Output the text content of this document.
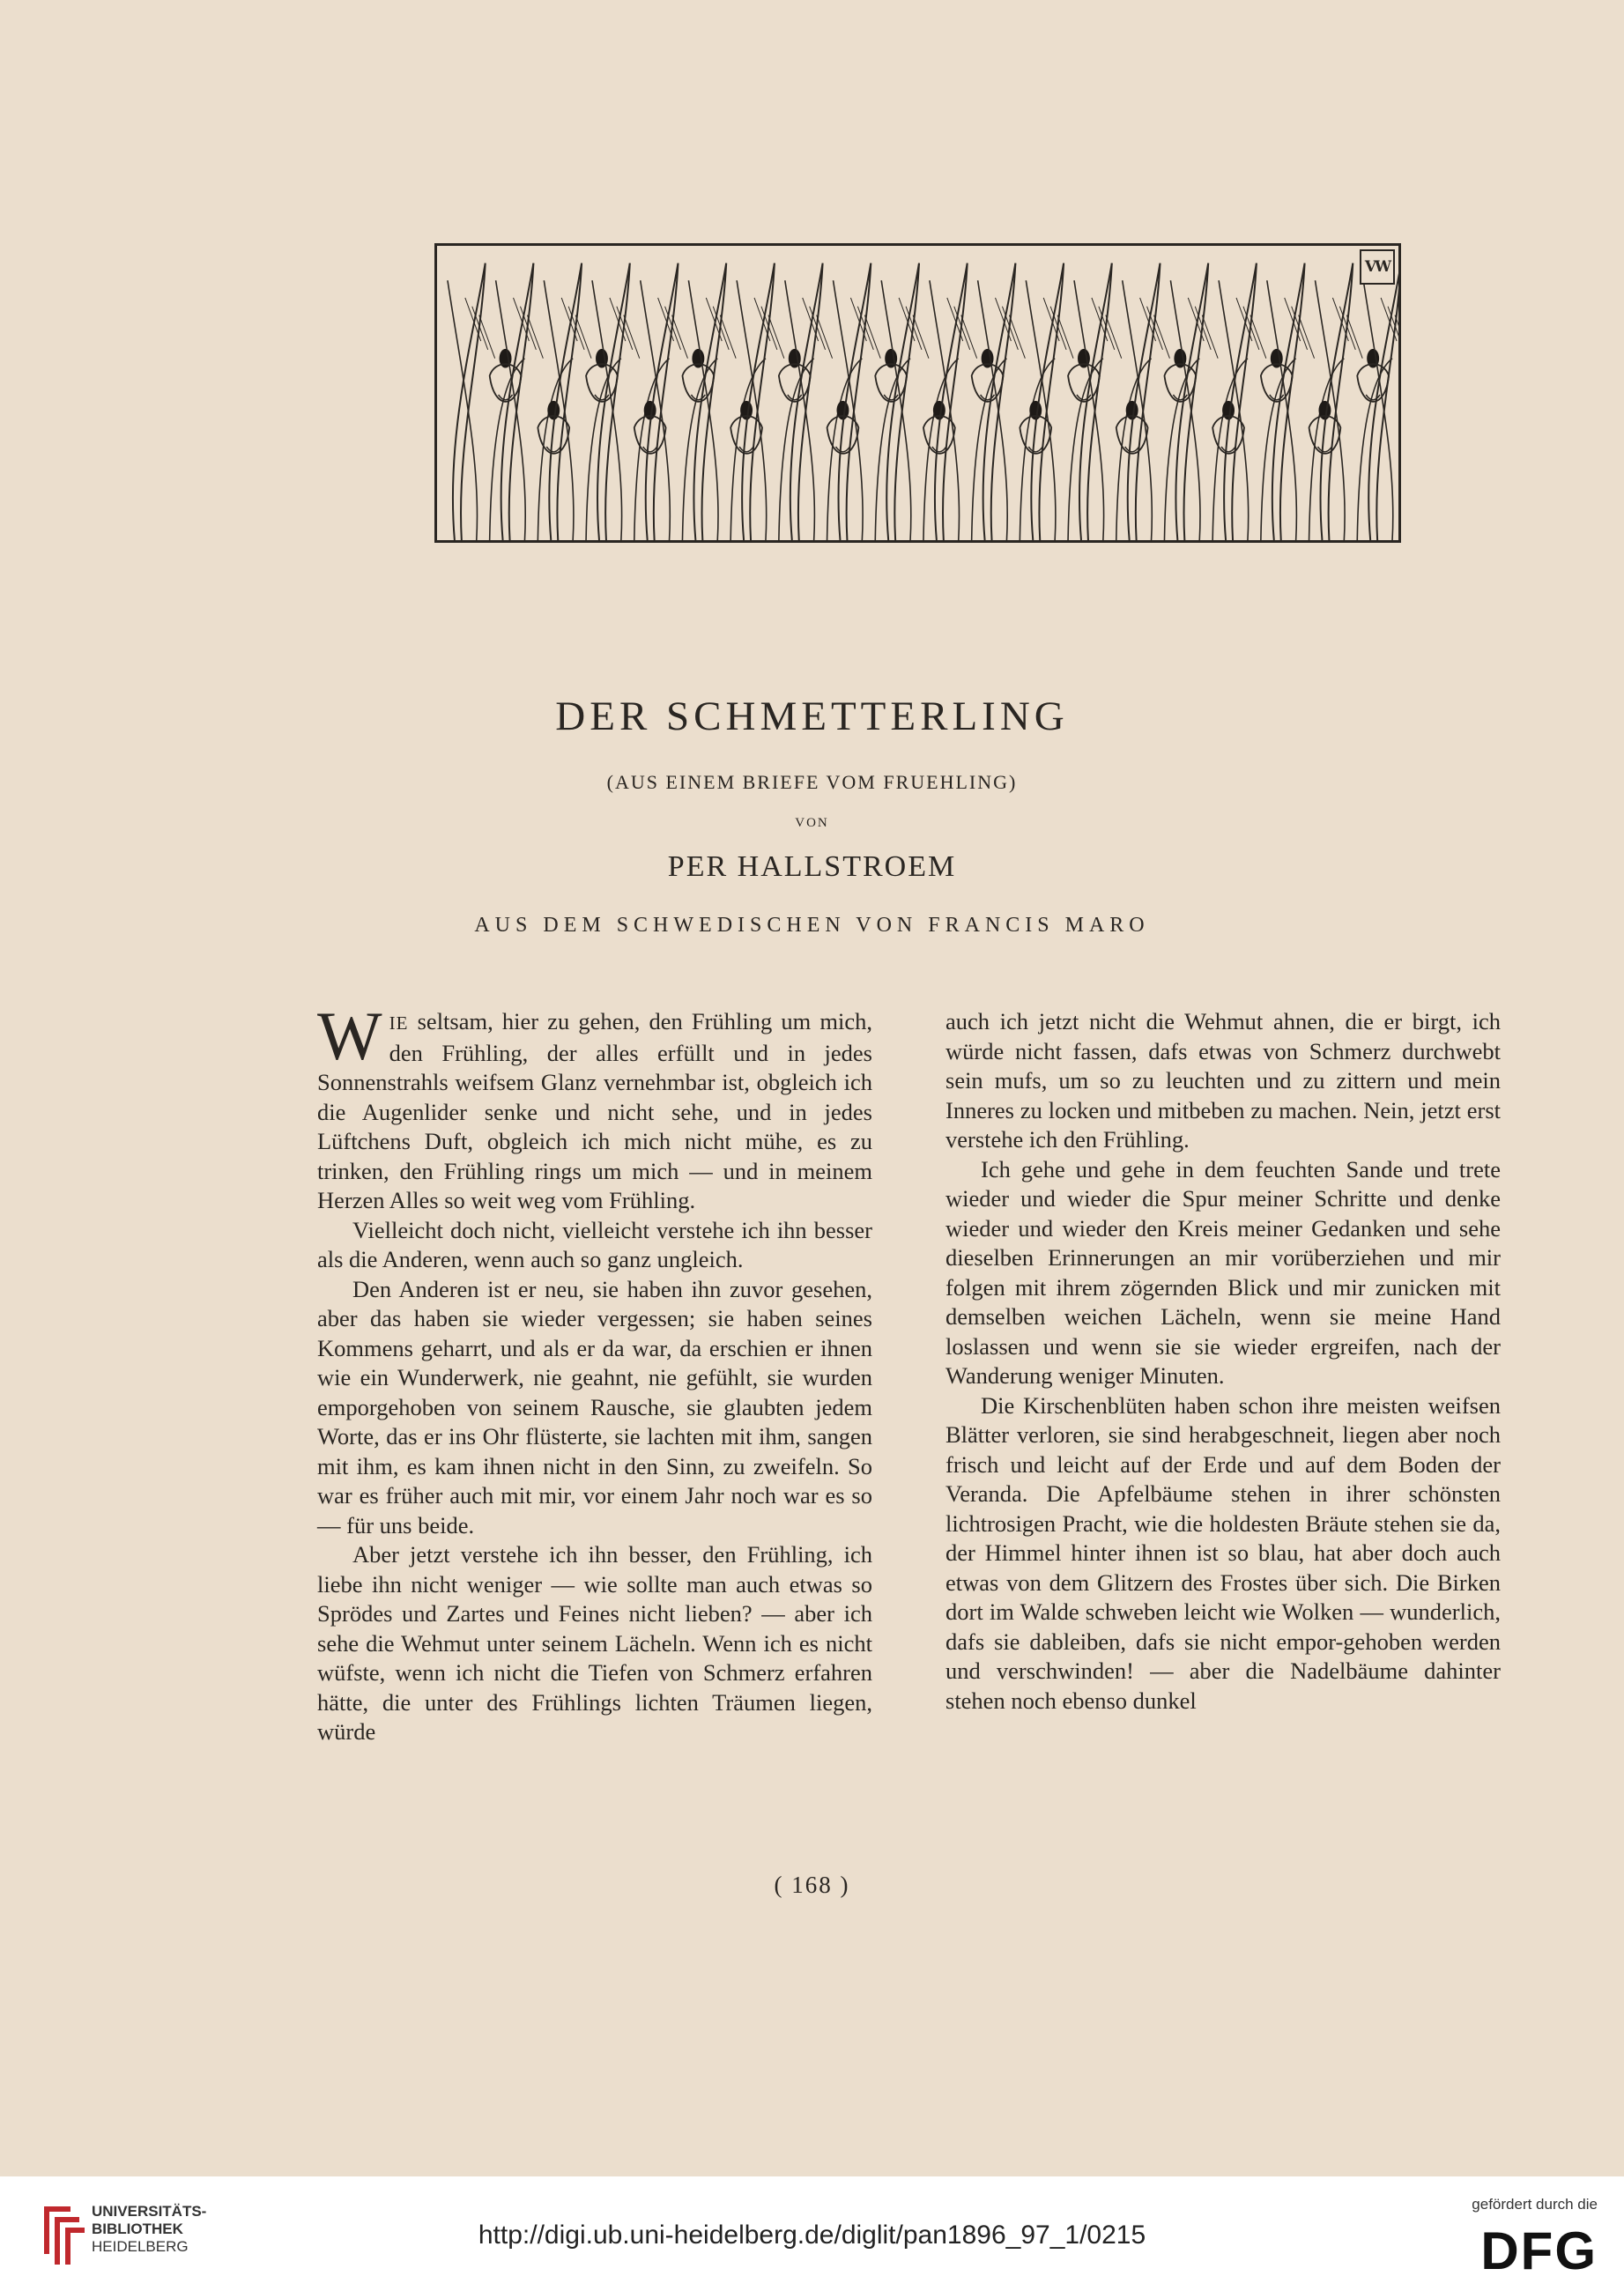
VW
DER SCHMETTERLING
(AUS EINEM BRIEFE VOM FRUEHLING)
VON
PER HALLSTROEM
AUS DEM SCHWEDISCHEN VON FRANCIS MARO

WIE seltsam, hier zu gehen, den Frühling um mich, den Frühling, der alles erfüllt und in jedes Sonnenstrahls weifsem Glanz vernehmbar ist, obgleich ich die Augenlider senke und nicht sehe, und in jedes Lüftchens Duft, obgleich ich mich nicht mühe, es zu trinken, den Frühling rings um mich — und in meinem Herzen Alles so weit weg vom Frühling.

Vielleicht doch nicht, vielleicht verstehe ich ihn besser als die Anderen, wenn auch so ganz ungleich.

Den Anderen ist er neu, sie haben ihn zuvor gesehen, aber das haben sie wieder vergessen; sie haben seines Kommens geharrt, und als er da war, da erschien er ihnen wie ein Wunderwerk, nie geahnt, nie gefühlt, sie wurden emporgehoben von seinem Rausche, sie glaubten jedem Worte, das er ins Ohr flüsterte, sie lachten mit ihm, sangen mit ihm, es kam ihnen nicht in den Sinn, zu zweifeln. So war es früher auch mit mir, vor einem Jahr noch war es so — für uns beide.

Aber jetzt verstehe ich ihn besser, den Frühling, ich liebe ihn nicht weniger — wie sollte man auch etwas so Sprödes und Zartes und Feines nicht lieben? — aber ich sehe die Wehmut unter seinem Lächeln. Wenn ich es nicht wüfste, wenn ich nicht die Tiefen von Schmerz erfahren hätte, die unter des Frühlings lichten Träumen liegen, würde

auch ich jetzt nicht die Wehmut ahnen, die er birgt, ich würde nicht fassen, dafs etwas von Schmerz durchwebt sein mufs, um so zu leuchten und zu zittern und mein Inneres zu locken und mitbeben zu machen. Nein, jetzt erst verstehe ich den Frühling.

Ich gehe und gehe in dem feuchten Sande und trete wieder und wieder die Spur meiner Schritte und denke wieder und wieder den Kreis meiner Gedanken und sehe dieselben Erinnerungen an mir vorüberziehen und mir folgen mit ihrem zögernden Blick und mir zunicken mit demselben weichen Lächeln, wenn sie meine Hand loslassen und wenn sie sie wieder ergreifen, nach der Wanderung weniger Minuten.

Die Kirschenblüten haben schon ihre meisten weifsen Blätter verloren, sie sind herabgeschneit, liegen aber noch frisch und leicht auf der Erde und auf dem Boden der Veranda. Die Apfelbäume stehen in ihrer schönsten lichtrosigen Pracht, wie die holdesten Bräute stehen sie da, der Himmel hinter ihnen ist so blau, hat aber doch auch etwas von dem Glitzern des Frostes über sich. Die Birken dort im Walde schweben leicht wie Wolken — wunderlich, dafs sie dableiben, dafs sie nicht empor-gehoben werden und verschwinden! — aber die Nadelbäume dahinter stehen noch ebenso dunkel

( 168 )
UNIVERSITÄTS-
BIBLIOTHEK
HEIDELBERG	http://digi.ub.uni-heidelberg.de/diglit/pan1896_97_1/0215
gefördert durch die
DFG
